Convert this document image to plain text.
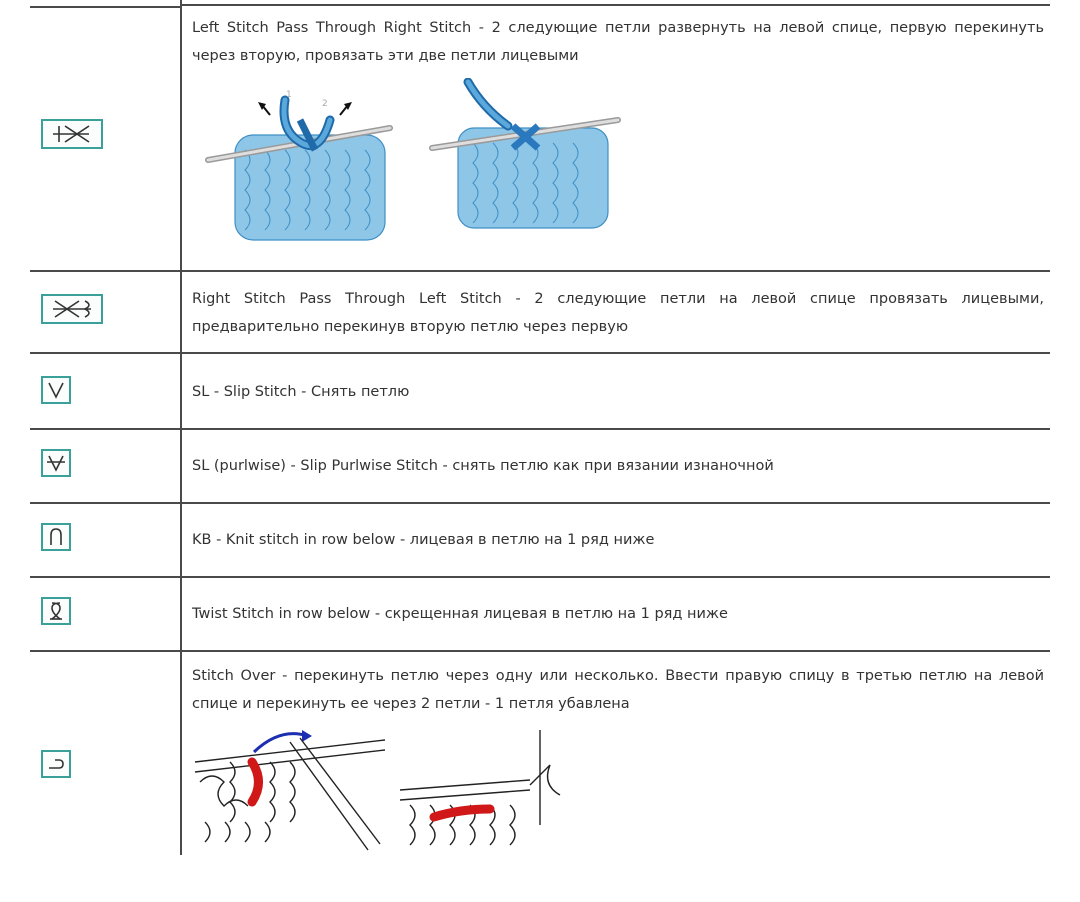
Left Stitch Pass Through Right Stitch - 2 следующие петли развернуть на левой спице, первую перекинуть через вторую, провязать эти две петли лицевыми
1
2
Right Stitch Pass Through Left Stitch - 2 следующие петли на левой спице провязать лицевыми, предварительно перекинув вторую петлю через первую
SL - Slip Stitch - Снять петлю
SL (purlwise) - Slip Purlwise Stitch - снять петлю как при вязании изнаночной
KB - Knit stitch in row below - лицевая в петлю на 1 ряд ниже
Twist Stitch in row below - скрещенная лицевая в петлю на 1 ряд ниже
Stitch Over - перекинуть петлю через одну или несколько. Ввести правую спицу в третью петлю на левой спице и перекинуть ее через 2 петли - 1 петля убавлена
